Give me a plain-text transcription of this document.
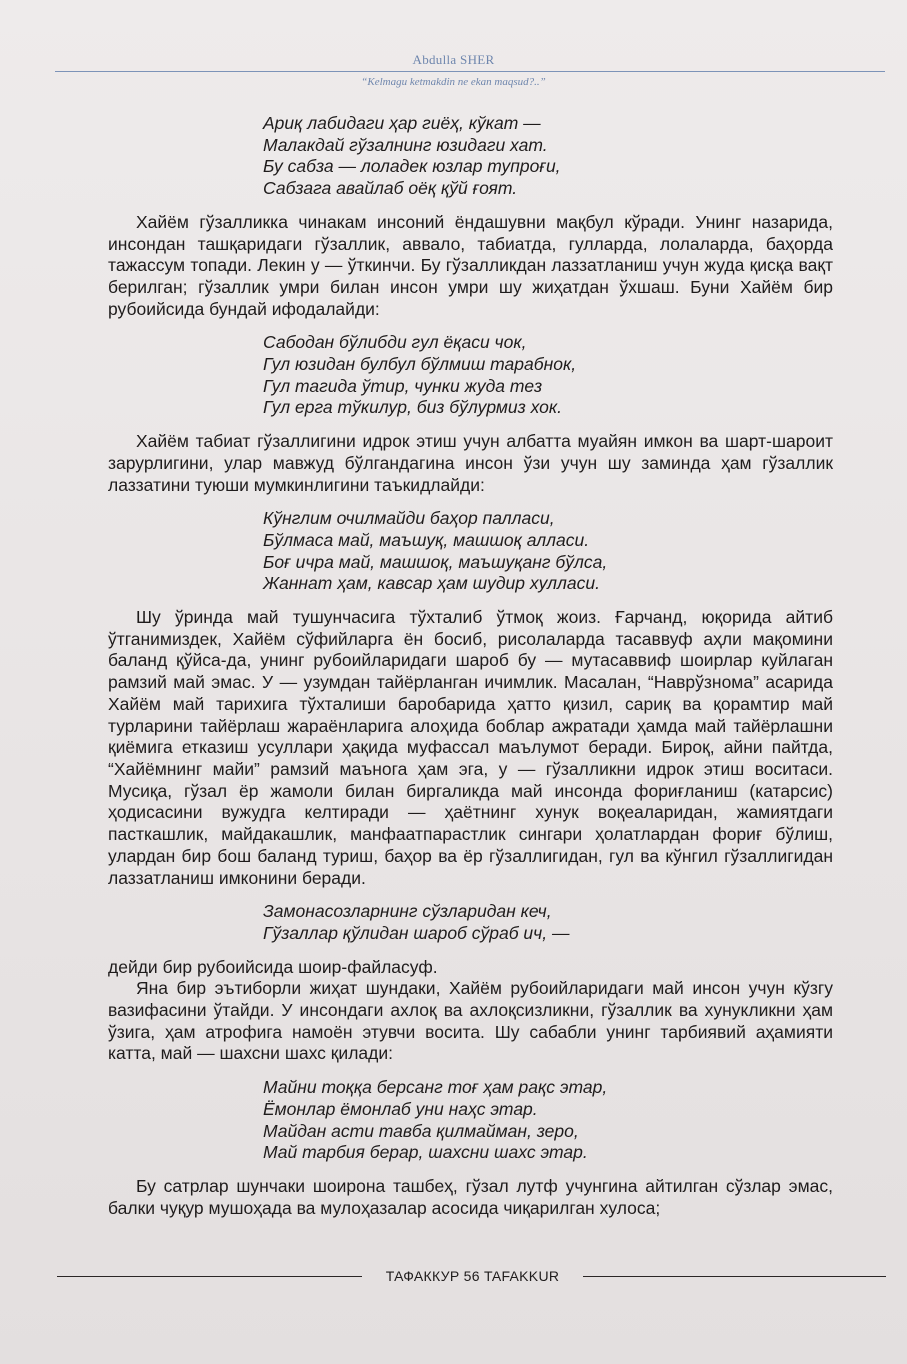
Abdulla SHER
“Kelmagu ketmakdin ne ekan maqsud?..”
Ариқ лабидаги ҳар гиёҳ, кўкат —
Малакдай гўзалнинг юзидаги хат.
Бу сабза — лоладек юзлар тупроғи,
Сабзага авайлаб оёқ қўй ғоят.

Хайём гўзалликка чинакам инсоний ёндашувни мақбул кўради. Унинг назарида, инсондан ташқаридаги гўзаллик, аввало, табиатда, гулларда, лолаларда, баҳорда тажассум топади. Лекин у — ўткинчи. Бу гўзалликдан лаззатланиш учун жуда қисқа вақт берилган; гўзаллик умри билан инсон умри шу жиҳатдан ўхшаш. Буни Хайём бир рубоийсида бундай ифодалайди:

Сабодан бўлибди гул ёқаси чок,
Гул юзидан булбул бўлмиш тарабнок,
Гул тагида ўтир, чунки жуда тез
Гул ерга тўкилур, биз бўлурмиз хок.

Хайём табиат гўзаллигини идрок этиш учун албатта муайян имкон ва шарт-шароит зарурлигини, улар мавжуд бўлгандагина инсон ўзи учун шу заминда ҳам гўзаллик лаззатини туюши мумкинлигини таъкидлайди:

Кўнглим очилмайди баҳор палласи,
Бўлмаса май, маъшуқ, машшоқ алласи.
Боғ ичра май, машшоқ, маъшуқанг бўлса,
Жаннат ҳам, кавсар ҳам шудир хулласи.

Шу ўринда май тушунчасига тўхталиб ўтмоқ жоиз. Ғарчанд, юқорида айтиб ўтганимиздек, Хайём сўфийларга ён босиб, рисолаларда тасаввуф аҳли мақомини баланд қўйса-да, унинг рубоийларидаги шароб бу — мутасаввиф шоирлар куйлаган рамзий май эмас. У — узумдан тайёрланган ичимлик. Масалан, “Наврўзнома” асарида Хайём май тарихига тўхталиши баробарида ҳатто қизил, сариқ ва қорамтир май турларини тайёрлаш жараёнларига алоҳида боблар ажратади ҳамда май тайёрлашни қиёмига етказиш усуллари ҳақида муфассал маълумот беради. Бироқ, айни пайтда, “Хайёмнинг майи” рамзий маънога ҳам эга, у — гўзалликни идрок этиш воситаси. Мусиқа, гўзал ёр жамоли билан биргаликда май инсонда фориғланиш (катарсис) ҳодисасини вужудга келтиради — ҳаётнинг хунук воқеаларидан, жамиятдаги пасткашлик, майдакашлик, манфаатпарастлик сингари ҳолатлардан фориғ бўлиш, улардан бир бош баланд туриш, баҳор ва ёр гўзаллигидан, гул ва кўнгил гўзаллигидан лаззатланиш имконини беради.

Замонасозларнинг сўзларидан кеч,
Гўзаллар қўлидан шароб сўраб ич, —

дейди бир рубоийсида шоир-файласуф.

Яна бир эътиборли жиҳат шундаки, Хайём рубоийларидаги май инсон учун кўзгу вазифасини ўтайди. У инсондаги ахлоқ ва ахлоқсизликни, гўзаллик ва хунукликни ҳам ўзига, ҳам атрофига намоён этувчи восита. Шу сабабли унинг тарбиявий аҳамияти катта, май — шахсни шахс қилади:

Майни тоққа берсанг тоғ ҳам рақс этар,
Ёмонлар ёмонлаб уни наҳс этар.
Майдан асти тавба қилмайман, зеро,
Май тарбия берар, шахсни шахс этар.

Бу сатрлар шунчаки шоирона ташбеҳ, гўзал лутф учунгина айтилган сўзлар эмас, балки чуқур мушоҳада ва мулоҳазалар асосида чиқарилган хулоса;

ТАФАККУР 56 TAFAKKUR
